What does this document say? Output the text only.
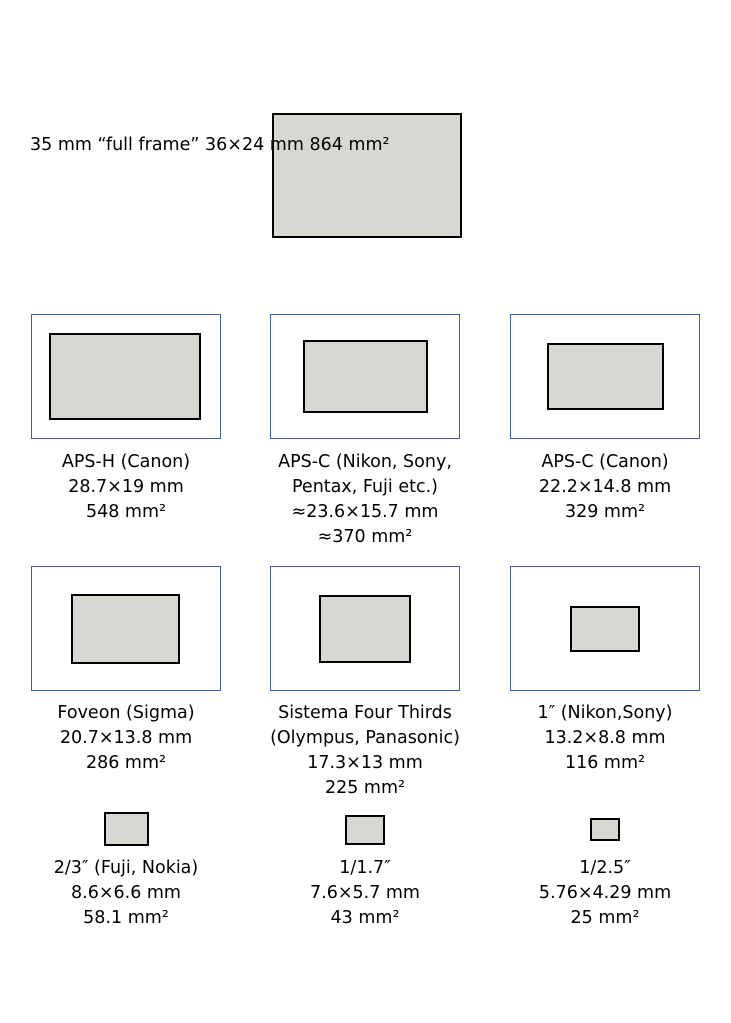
35 mm “full frame” 36×24 mm 864 mm²
APS-H (Canon)
28.7×19 mm
548 mm²
APS-C (Nikon, Sony,
Pentax, Fuji etc.)
≈23.6×15.7 mm
≈370 mm²
APS-C (Canon)
22.2×14.8 mm
329 mm²
Foveon (Sigma)
20.7×13.8 mm
286 mm²
Sistema Four Thirds
(Olympus, Panasonic)
17.3×13 mm
225 mm²
1″ (Nikon,Sony)
13.2×8.8 mm
116 mm²
2/3″ (Fuji, Nokia)
8.6×6.6 mm
58.1 mm²
1/1.7″
7.6×5.7 mm
43 mm²
1/2.5″
5.76×4.29 mm
25 mm²
